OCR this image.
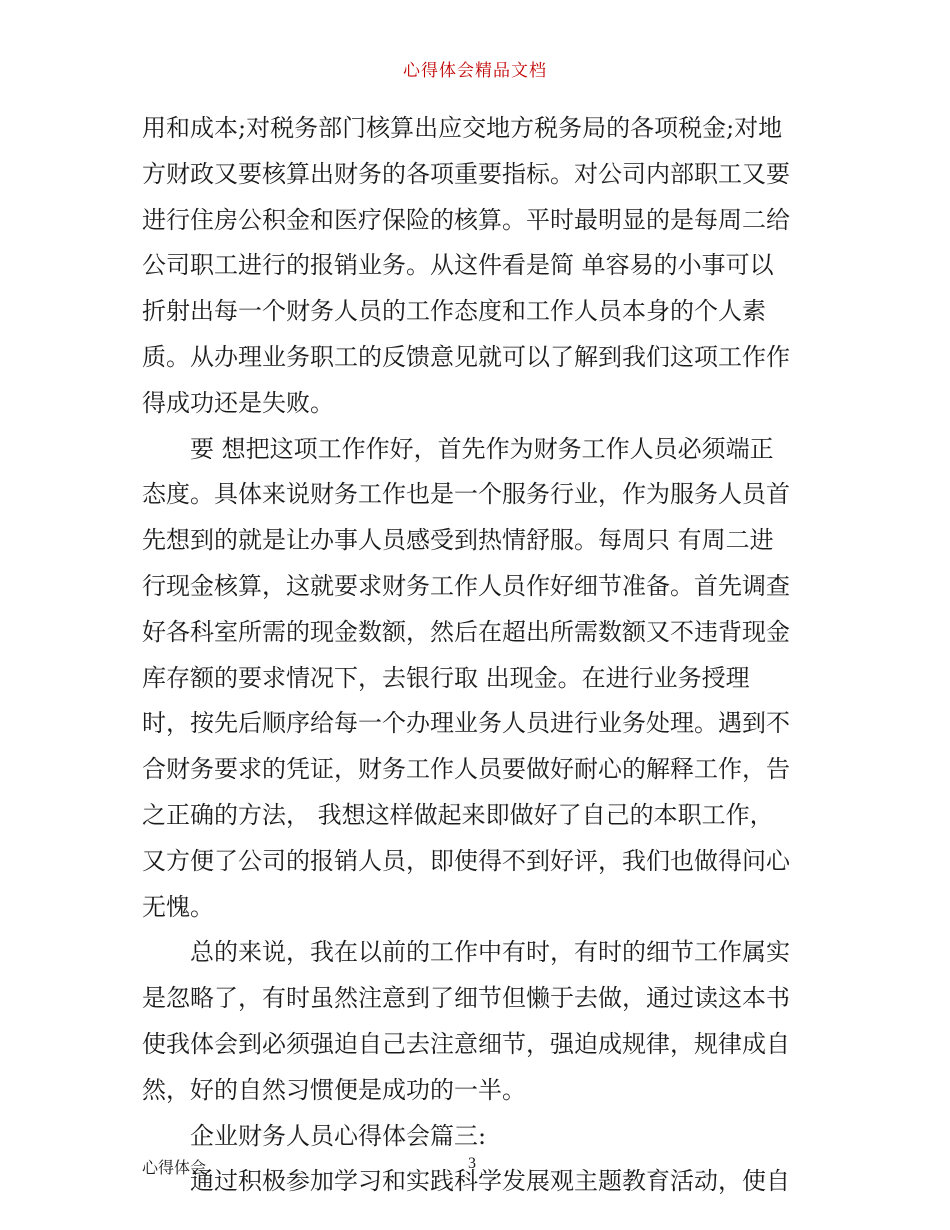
心得体会精品文档
用和成本;对税务部门核算出应交地方税务局的各项税金;对地
方财政又要核算出财务的各项重要指标。对公司内部职工又要
进行住房公积金和医疗保险的核算。平时最明显的是每周二给
公司职工进行的报销业务。从这件看是简 单容易的小事可以
折射出每一个财务人员的工作态度和工作人员本身的个人素
质。从办理业务职工的反馈意见就可以了解到我们这项工作作
得成功还是失败。
要 想把这项工作作好，首先作为财务工作人员必须端正
态度。具体来说财务工作也是一个服务行业，作为服务人员首
先想到的就是让办事人员感受到热情舒服。每周只 有周二进
行现金核算，这就要求财务工作人员作好细节准备。首先调查
好各科室所需的现金数额，然后在超出所需数额又不违背现金
库存额的要求情况下，去银行取 出现金。在进行业务授理
时，按先后顺序给每一个办理业务人员进行业务处理。遇到不
合财务要求的凭证，财务工作人员要做好耐心的解释工作，告
之正确的方法， 我想这样做起来即做好了自己的本职工作，
又方便了公司的报销人员，即使得不到好评，我们也做得问心
无愧。
总的来说，我在以前的工作中有时，有时的细节工作属实
是忽略了，有时虽然注意到了细节但懒于去做，通过读这本书
使我体会到必须强迫自己去注意细节，强迫成规律，规律成自
然，好的自然习惯便是成功的一半。
企业财务人员心得体会篇三:
通过积极参加学习和实践科学发展观主题教育活动，使自
心得体会	3
